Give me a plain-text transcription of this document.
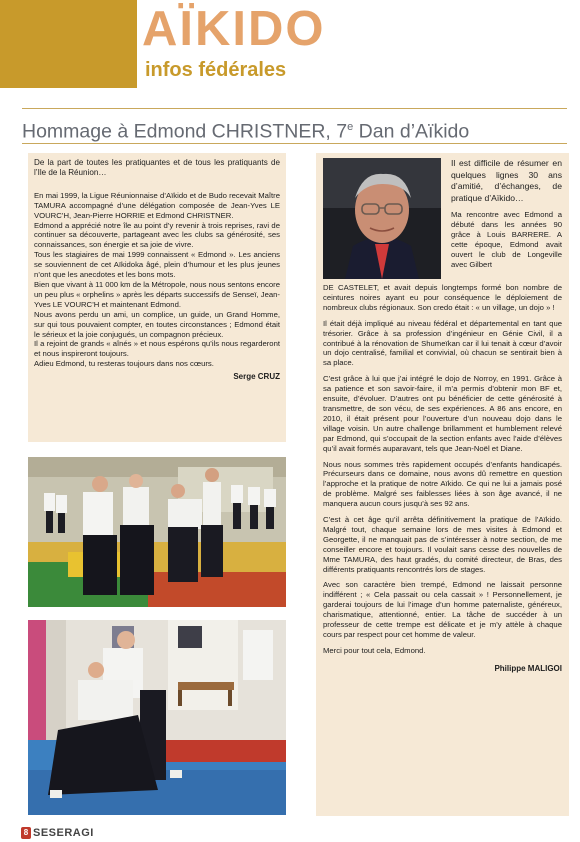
AÏKIDO
infos fédérales
Hommage à Edmond CHRISTNER, 7e Dan d’Aïkido

De la part de toutes les pratiquantes et de tous les pratiquants de l’Ile de la Réunion…

En mai 1999, la Ligue Réunionnaise d’Aïkido et de Budo recevait Maître TAMURA accompagné d’une délégation composée de Jean-Yves LE VOURC’H, Jean-Pierre HORRIE et Edmond CHRISTNER.

Edmond a apprécié notre île au point d’y revenir à trois reprises, ravi de continuer sa découverte, partageant avec les clubs sa générosité, ses connaissances, son énergie et sa joie de vivre.

Tous les stagiaires de mai 1999 connaissent « Edmond ». Les anciens se souviennent de cet Aïkidoka âgé, plein d’humour et les plus jeunes n’ont que les anecdotes et les bons mots.

Bien que vivant à 11 000 km de la Métropole, nous nous sentons encore un peu plus « orphelins » après les départs successifs de Senseï, Jean-Yves LE VOURC’H et maintenant Edmond.

Nous avons perdu un ami, un complice, un guide, un Grand Homme, sur qui tous pouvaient compter, en toutes circonstances ; Edmond était le sérieux et la joie conjugués, un compagnon précieux.

Il a rejoint de grands « aînés » et nous espérons qu’ils nous regarderont et nous inspireront toujours.

Adieu Edmond, tu resteras toujours dans nos cœurs.

Serge CRUZ

Il est difficile de résumer en quelques lignes 30 ans d’amitié, d’échanges, de pratique d’Aïkido…

Ma rencontre avec Edmond a débuté dans les années 90 grâce à Louis BARRERE. A cette époque, Edmond avait ouvert le club de Longeville avec Gilbert

DE CASTELET, et avait depuis longtemps formé bon nombre de ceintures noires ayant eu pour conséquence le déploiement de nombreux clubs régionaux. Son credo était : « un village, un dojo » !

Il était déjà impliqué au niveau fédéral et départemental en tant que trésorier. Grâce à sa profession d’ingénieur en Génie Civil, il a contribué à la rénovation de Shumeïkan car il lui tenait à cœur d’avoir un dojo centralisé, familial et convivial, où chacun se sentirait bien à sa place.

C’est grâce à lui que j’ai intégré le dojo de Norroy, en 1991. Grâce à sa patience et son savoir-faire, il m’a permis d’obtenir mon BF et, ensuite, d’évoluer. D’autres ont pu bénéficier de cette générosité à transmettre, de son vécu, de ses expériences. A 86 ans encore, en 2010, il était présent pour l’ouverture d’un nouveau dojo dans le village voisin. Un autre challenge brillamment et humblement relevé par Edmond, qui s’occupait de la section enfants avec l’aide d’élèves qu’il avait formés auparavant, tels que Jean-Noël et Diane.

Nous nous sommes très rapidement occupés d’enfants handicapés. Précurseurs dans ce domaine, nous avons dû remettre en question l’approche et la pratique de notre Aïkido. Ce qui ne lui a jamais posé de problème. Malgré ses faiblesses liées à son âge avancé, il ne manquera aucun cours jusqu’à ses 92 ans.

C’est à cet âge qu’il arrêta définitivement la pratique de l’Aïkido. Malgré tout, chaque semaine lors de mes visites à Edmond et Georgette, il ne manquait pas de s’intéresser à notre section, de me conseiller encore et toujours. Il voulait sans cesse des nouvelles de Mme TAMURA, des haut gradés, du comité directeur, de Bras, des différents pratiquants rencontrés lors de stages.

Avec son caractère bien trempé, Edmond ne laissait personne indifférent ; « Cela passait ou cela cassait » ! Personnellement, je garderai toujours de lui l’image d’un homme paternaliste, généreux, charismatique, attentionné, entier. La tâche de succéder à un professeur de cette trempe est délicate et je m’y attèle à chaque cours par respect pour cet homme de valeur.

Merci pour tout cela, Edmond.

Philippe MALIGOI
8 SESERAGI
